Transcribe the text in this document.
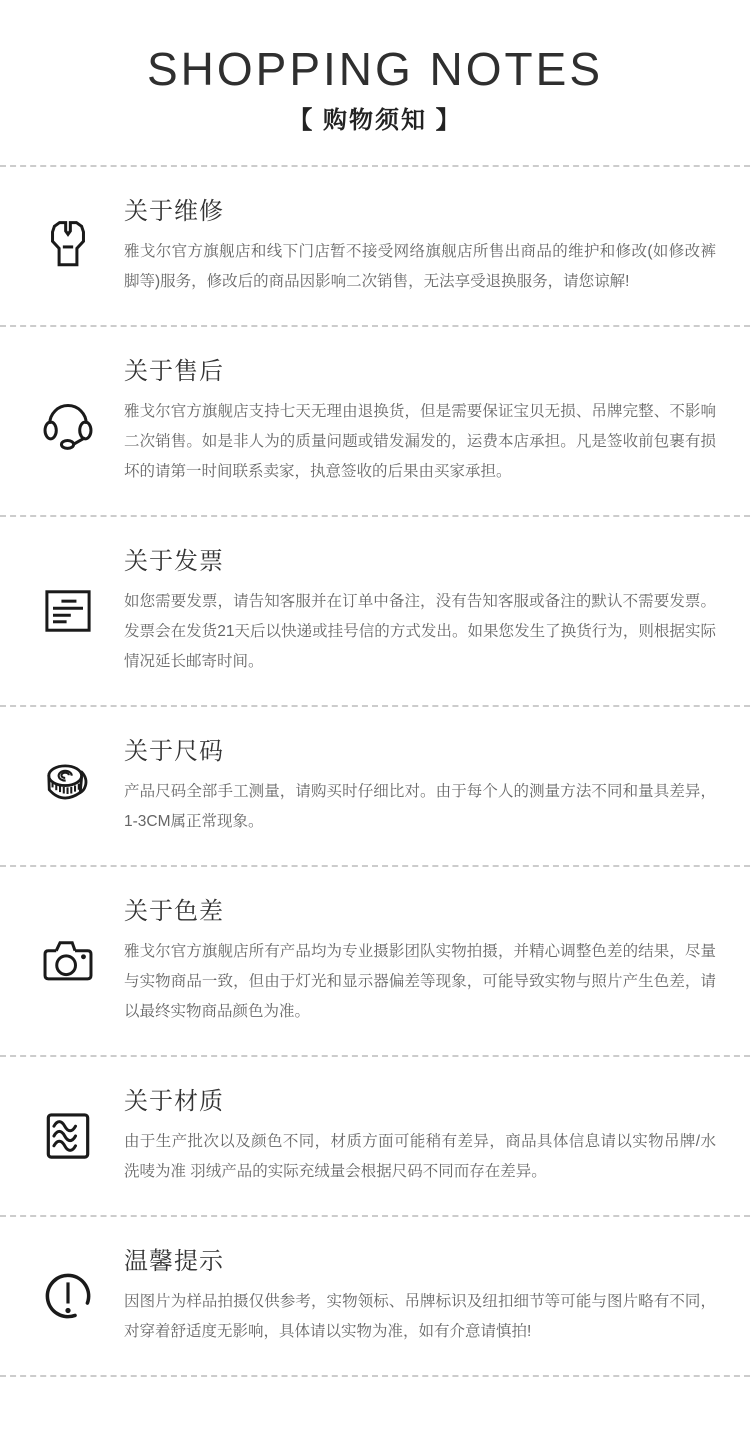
SHOPPING NOTES
【 购物须知 】
关于维修
雅戈尔官方旗舰店和线下门店暂不接受网络旗舰店所售出商品的维护和修改(如修改裤脚等)服务，修改后的商品因影响二次销售，无法享受退换服务，请您谅解!
关于售后
雅戈尔官方旗舰店支持七天无理由退换货，但是需要保证宝贝无损、吊牌完整、不影响二次销售。如是非人为的质量问题或错发漏发的，运费本店承担。凡是签收前包裹有损坏的请第一时间联系卖家，执意签收的后果由买家承担。
关于发票
如您需要发票，请告知客服并在订单中备注，没有告知客服或备注的默认不需要发票。发票会在发货21天后以快递或挂号信的方式发出。如果您发生了换货行为，则根据实际情况延长邮寄时间。
关于尺码
产品尺码全部手工测量，请购买时仔细比对。由于每个人的测量方法不同和量具差异，1-3CM属正常现象。
关于色差
雅戈尔官方旗舰店所有产品均为专业摄影团队实物拍摄，并精心调整色差的结果，尽量与实物商品一致，但由于灯光和显示器偏差等现象，可能导致实物与照片产生色差，请以最终实物商品颜色为准。
关于材质
由于生产批次以及颜色不同，材质方面可能稍有差异，商品具体信息请以实物吊牌/水洗唛为准 羽绒产品的实际充绒量会根据尺码不同而存在差异。
温馨提示
因图片为样品拍摄仅供参考，实物领标、吊牌标识及纽扣细节等可能与图片略有不同，对穿着舒适度无影响，具体请以实物为准，如有介意请慎拍!
